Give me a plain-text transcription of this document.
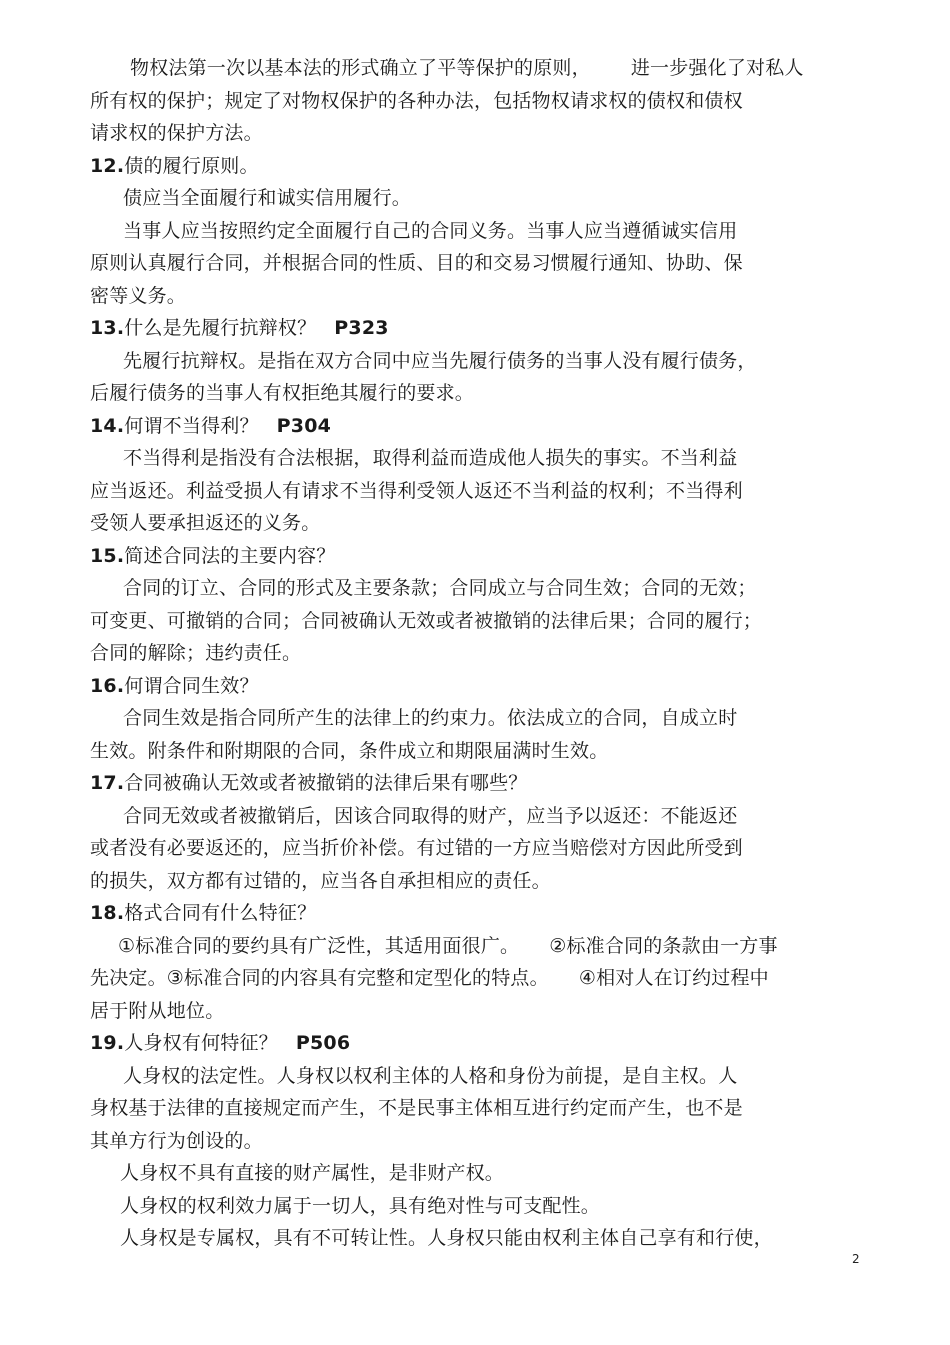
物权法第一次以基本法的形式确立了平等保护的原则， 进一步强化了对私人
所有权的保护；规定了对物权保护的各种办法，包括物权请求权的债权和债权
请求权的保护方法。
12.债的履行原则。
债应当全面履行和诚实信用履行。
当事人应当按照约定全面履行自己的合同义务。当事人应当遵循诚实信用
原则认真履行合同，并根据合同的性质、目的和交易习惯履行通知、协助、保
密等义务。
13.什么是先履行抗辩权？ P323
先履行抗辩权。是指在双方合同中应当先履行债务的当事人没有履行债务，
后履行债务的当事人有权拒绝其履行的要求。
14.何谓不当得利？ P304
不当得利是指没有合法根据，取得利益而造成他人损失的事实。不当利益
应当返还。利益受损人有请求不当得利受领人返还不当利益的权利；不当得利
受领人要承担返还的义务。
15.简述合同法的主要内容？
合同的订立、合同的形式及主要条款；合同成立与合同生效；合同的无效；
可变更、可撤销的合同；合同被确认无效或者被撤销的法律后果；合同的履行；
合同的解除；违约责任。
16.何谓合同生效？
合同生效是指合同所产生的法律上的约束力。依法成立的合同，自成立时
生效。附条件和附期限的合同，条件成立和期限届满时生效。
17.合同被确认无效或者被撤销的法律后果有哪些？
合同无效或者被撤销后，因该合同取得的财产，应当予以返还：不能返还
或者没有必要返还的，应当折价补偿。有过错的一方应当赔偿对方因此所受到
的损失，双方都有过错的，应当各自承担相应的责任。
18.格式合同有什么特征？
①标准合同的要约具有广泛性，其适用面很广。 ②标准合同的条款由一方事
先决定。③标准合同的内容具有完整和定型化的特点。 ④相对人在订约过程中
居于附从地位。
19.人身权有何特征？ P506
人身权的法定性。人身权以权利主体的人格和身份为前提，是自主权。人
身权基于法律的直接规定而产生，不是民事主体相互进行约定而产生，也不是
其单方行为创设的。
人身权不具有直接的财产属性，是非财产权。
人身权的权利效力属于一切人，具有绝对性与可支配性。
人身权是专属权，具有不可转让性。人身权只能由权利主体自己享有和行使，
2
